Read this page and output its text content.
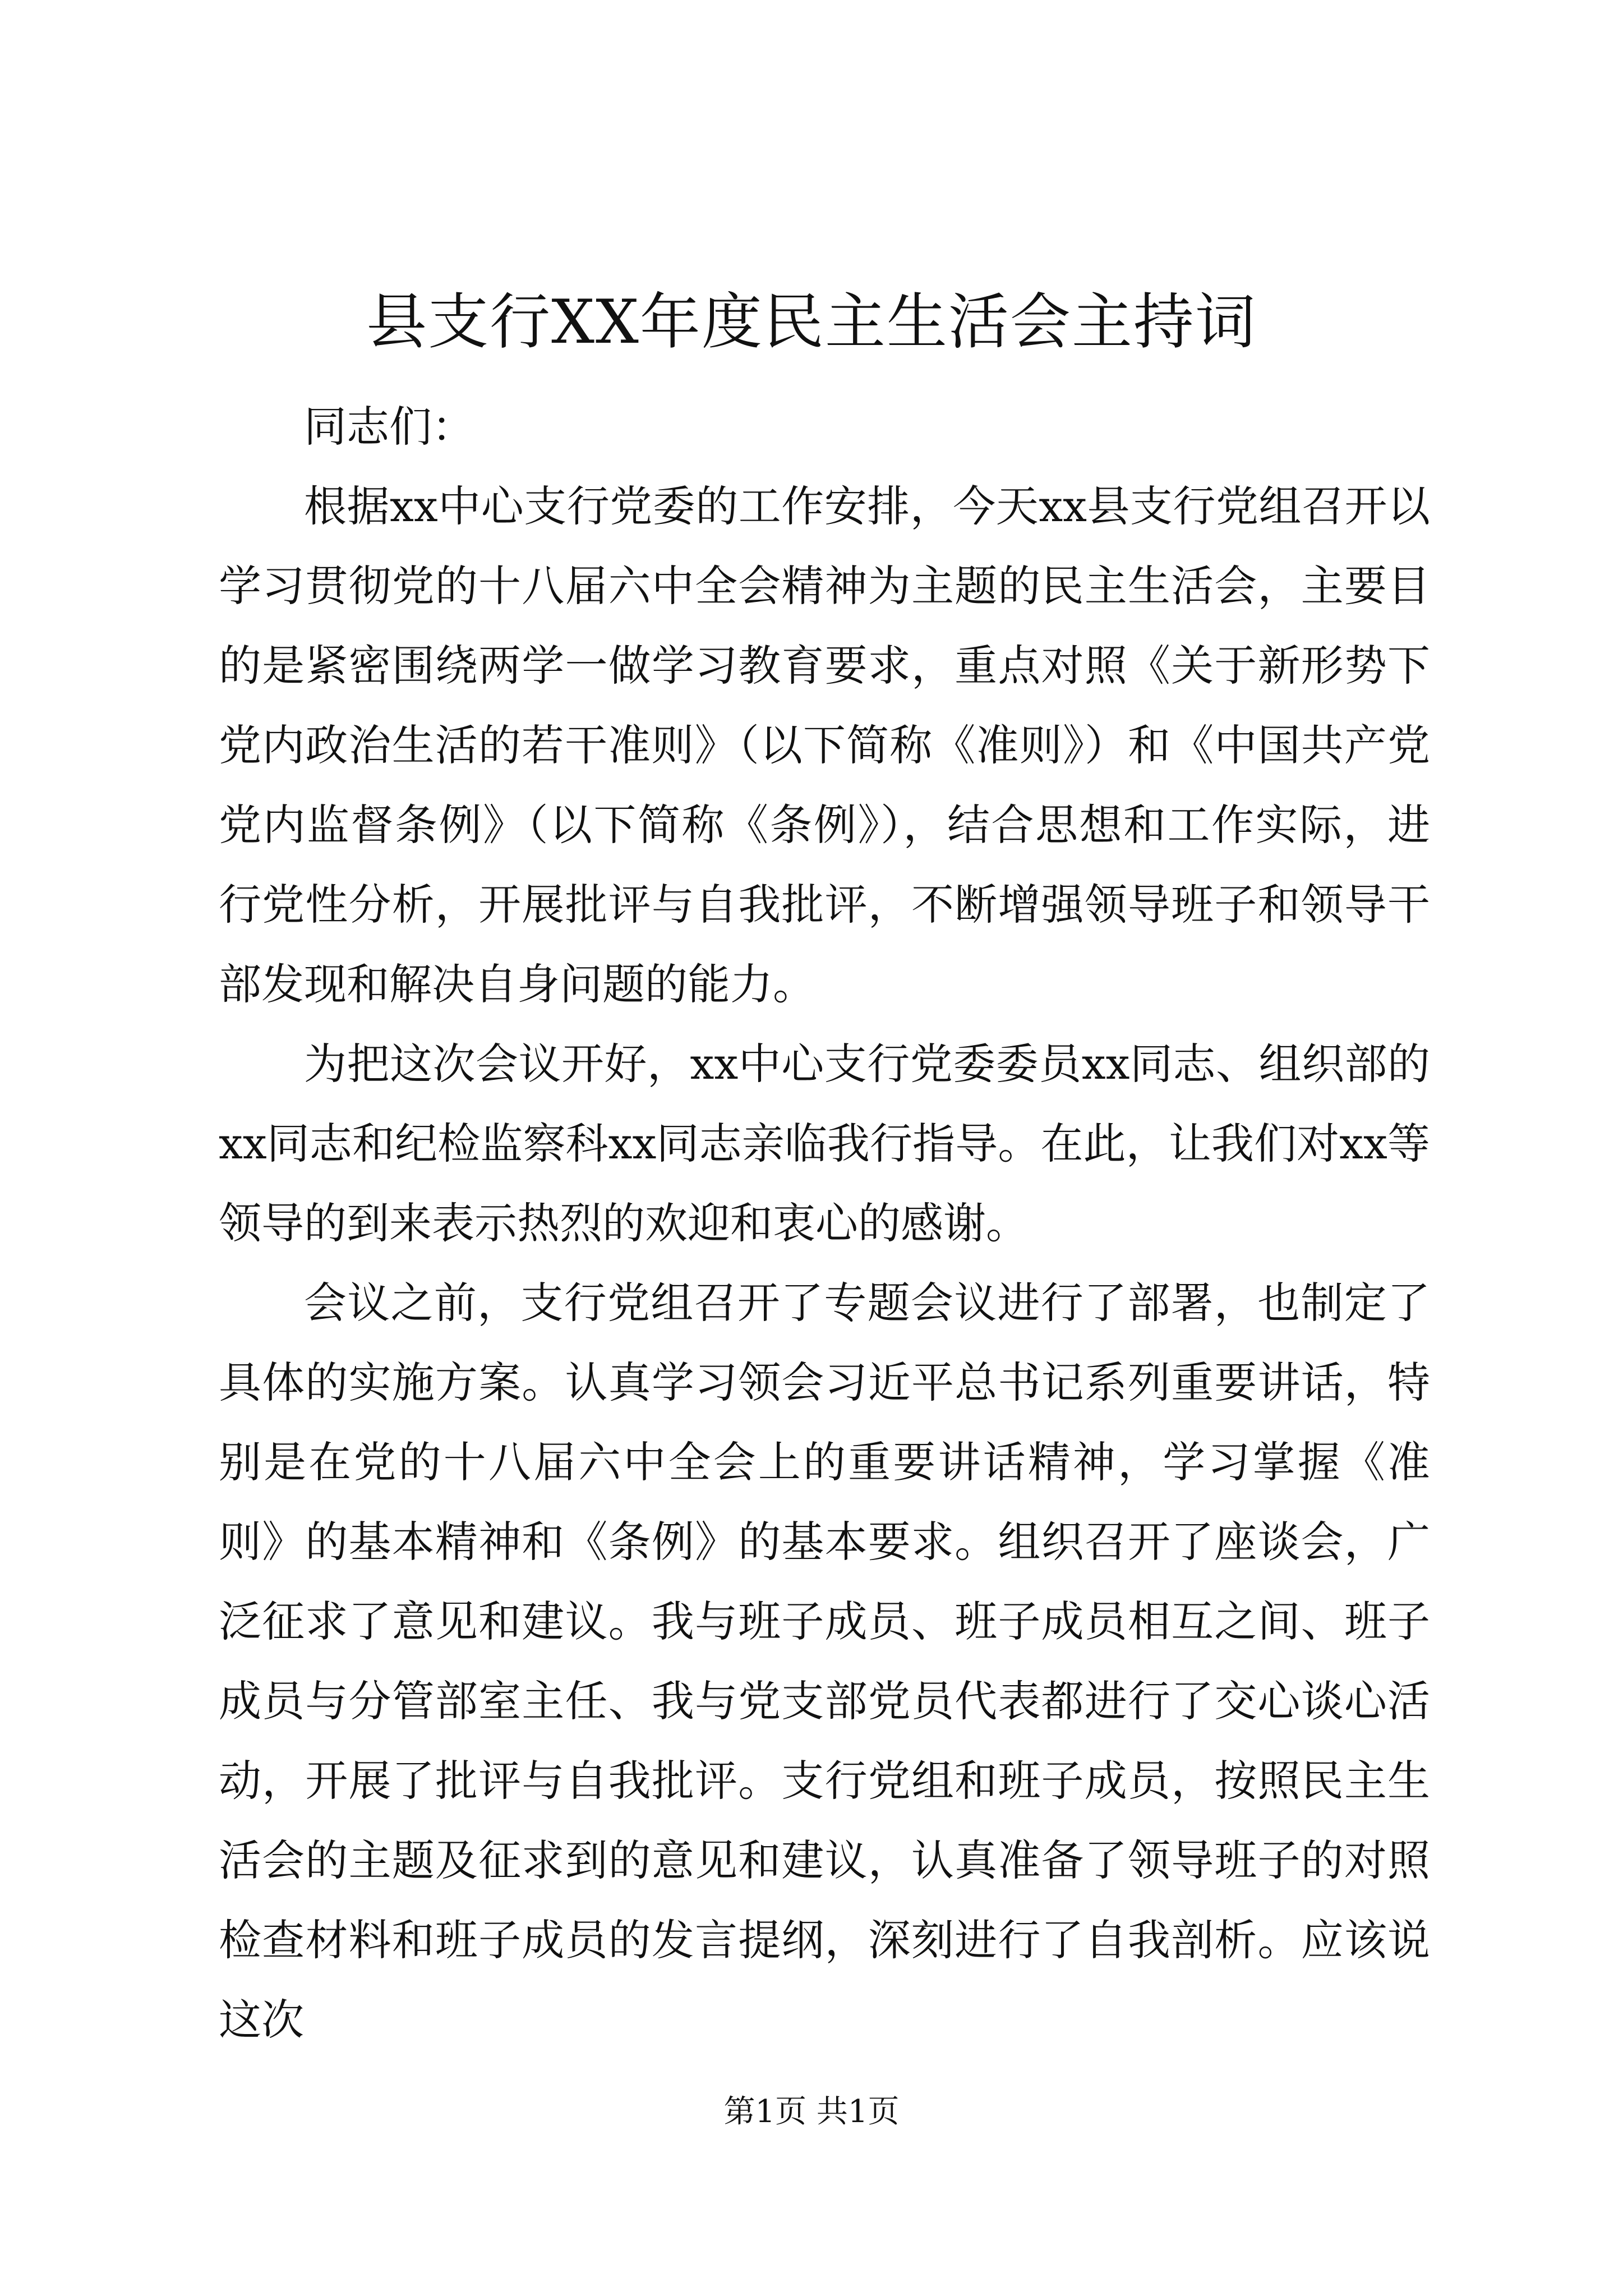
县支行XX年度民主生活会主持词

同志们：

根据xx中心支行党委的工作安排，今天xx县支行党组召开以学习贯彻党的十八届六中全会精神为主题的民主生活会，主要目的是紧密围绕两学一做学习教育要求，重点对照《关于新形势下党内政治生活的若干准则》（以下简称《准则》）和《中国共产党党内监督条例》（以下简称《条例》），结合思想和工作实际，进行党性分析，开展批评与自我批评，不断增强领导班子和领导干部发现和解决自身问题的能力。

为把这次会议开好，xx中心支行党委委员xx同志、组织部的xx同志和纪检监察科xx同志亲临我行指导。在此，让我们对xx等领导的到来表示热烈的欢迎和衷心的感谢。

会议之前，支行党组召开了专题会议进行了部署，也制定了具体的实施方案。认真学习领会习近平总书记系列重要讲话，特别是在党的十八届六中全会上的重要讲话精神，学习掌握《准则》的基本精神和《条例》的基本要求。组织召开了座谈会，广泛征求了意见和建议。我与班子成员、班子成员相互之间、班子成员与分管部室主任、我与党支部党员代表都进行了交心谈心活动，开展了批评与自我批评。支行党组和班子成员，按照民主生活会的主题及征求到的意见和建议，认真准备了领导班子的对照检查材料和班子成员的发言提纲，深刻进行了自我剖析。应该说这次

第1页 共1页
